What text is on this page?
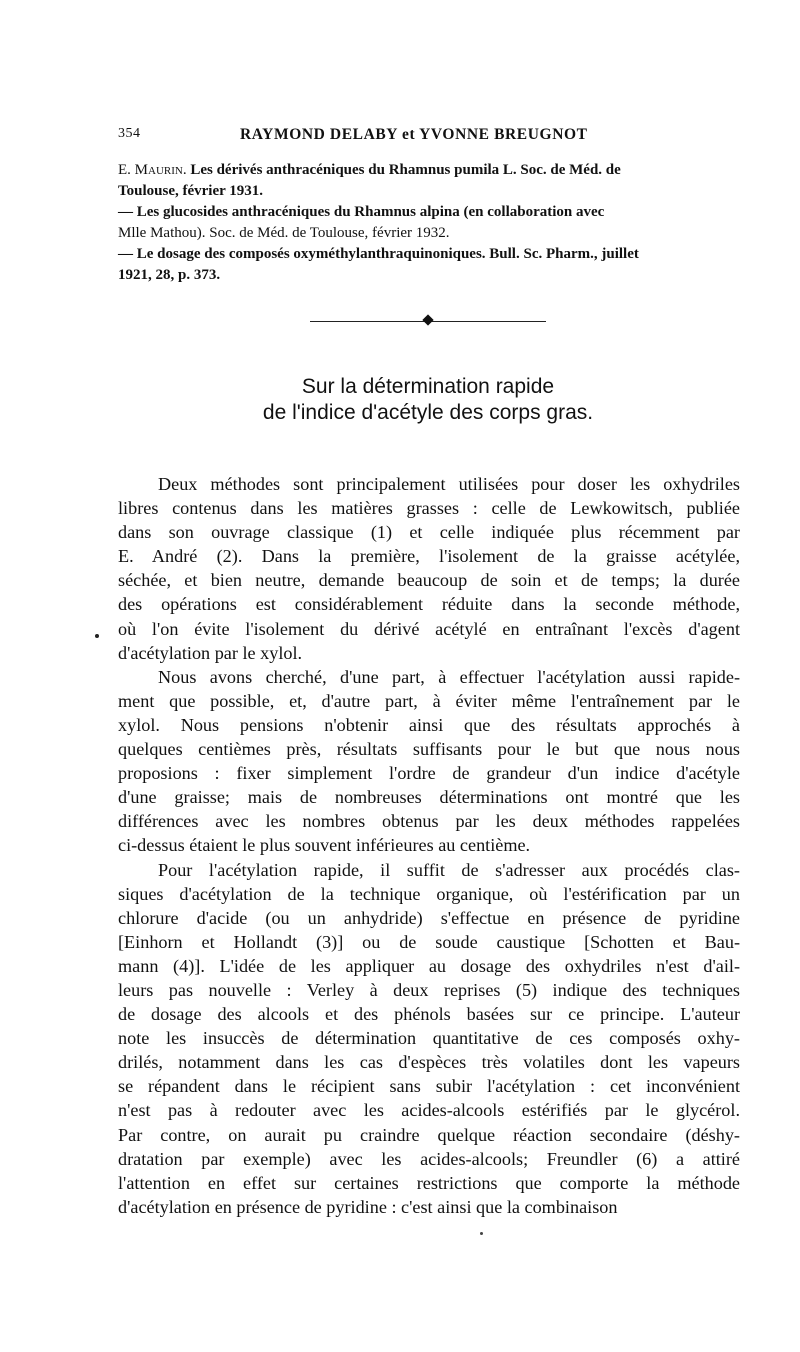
354	RAYMOND DELABY et YVONNE BREUGNOT
E. Maurin. Les dérivés anthracéniques du Rhamnus pumila L. Soc. de Méd. de
Toulouse, février 1931.
— Les glucosides anthracéniques du Rhamnus alpina (en collaboration avec
Mlle Mathou). Soc. de Méd. de Toulouse, février 1932.
— Le dosage des composés oxyméthylanthraquinoniques. Bull. Sc. Pharm., juillet
1921, 28, p. 373.
Sur la détermination rapide
de l'indice d'acétyle des corps gras.
Deux méthodes sont principalement utilisées pour doser les oxhydriles
libres contenus dans les matières grasses : celle de Lewkowitsch, publiée
dans son ouvrage classique (1) et celle indiquée plus récemment par
E. André (2). Dans la première, l'isolement de la graisse acétylée,
séchée, et bien neutre, demande beaucoup de soin et de temps; la durée
des opérations est considérablement réduite dans la seconde méthode,
où l'on évite l'isolement du dérivé acétylé en entraînant l'excès d'agent
d'acétylation par le xylol.
Nous avons cherché, d'une part, à effectuer l'acétylation aussi rapide-
ment que possible, et, d'autre part, à éviter même l'entraînement par le
xylol. Nous pensions n'obtenir ainsi que des résultats approchés à
quelques centièmes près, résultats suffisants pour le but que nous nous
proposions : fixer simplement l'ordre de grandeur d'un indice d'acétyle
d'une graisse; mais de nombreuses déterminations ont montré que les
différences avec les nombres obtenus par les deux méthodes rappelées
ci-dessus étaient le plus souvent inférieures au centième.
Pour l'acétylation rapide, il suffit de s'adresser aux procédés clas-
siques d'acétylation de la technique organique, où l'estérification par un
chlorure d'acide (ou un anhydride) s'effectue en présence de pyridine
[Einhorn et Hollandt (3)] ou de soude caustique [Schotten et Bau-
mann (4)]. L'idée de les appliquer au dosage des oxhydriles n'est d'ail-
leurs pas nouvelle : Verley à deux reprises (5) indique des techniques
de dosage des alcools et des phénols basées sur ce principe. L'auteur
note les insuccès de détermination quantitative de ces composés oxhy-
drilés, notamment dans les cas d'espèces très volatiles dont les vapeurs
se répandent dans le récipient sans subir l'acétylation : cet inconvénient
n'est pas à redouter avec les acides-alcools estérifiés par le glycérol.
Par contre, on aurait pu craindre quelque réaction secondaire (déshy-
dratation par exemple) avec les acides-alcools; Freundler (6) a attiré
l'attention en effet sur certaines restrictions que comporte la méthode
d'acétylation en présence de pyridine : c'est ainsi que la combinaison
